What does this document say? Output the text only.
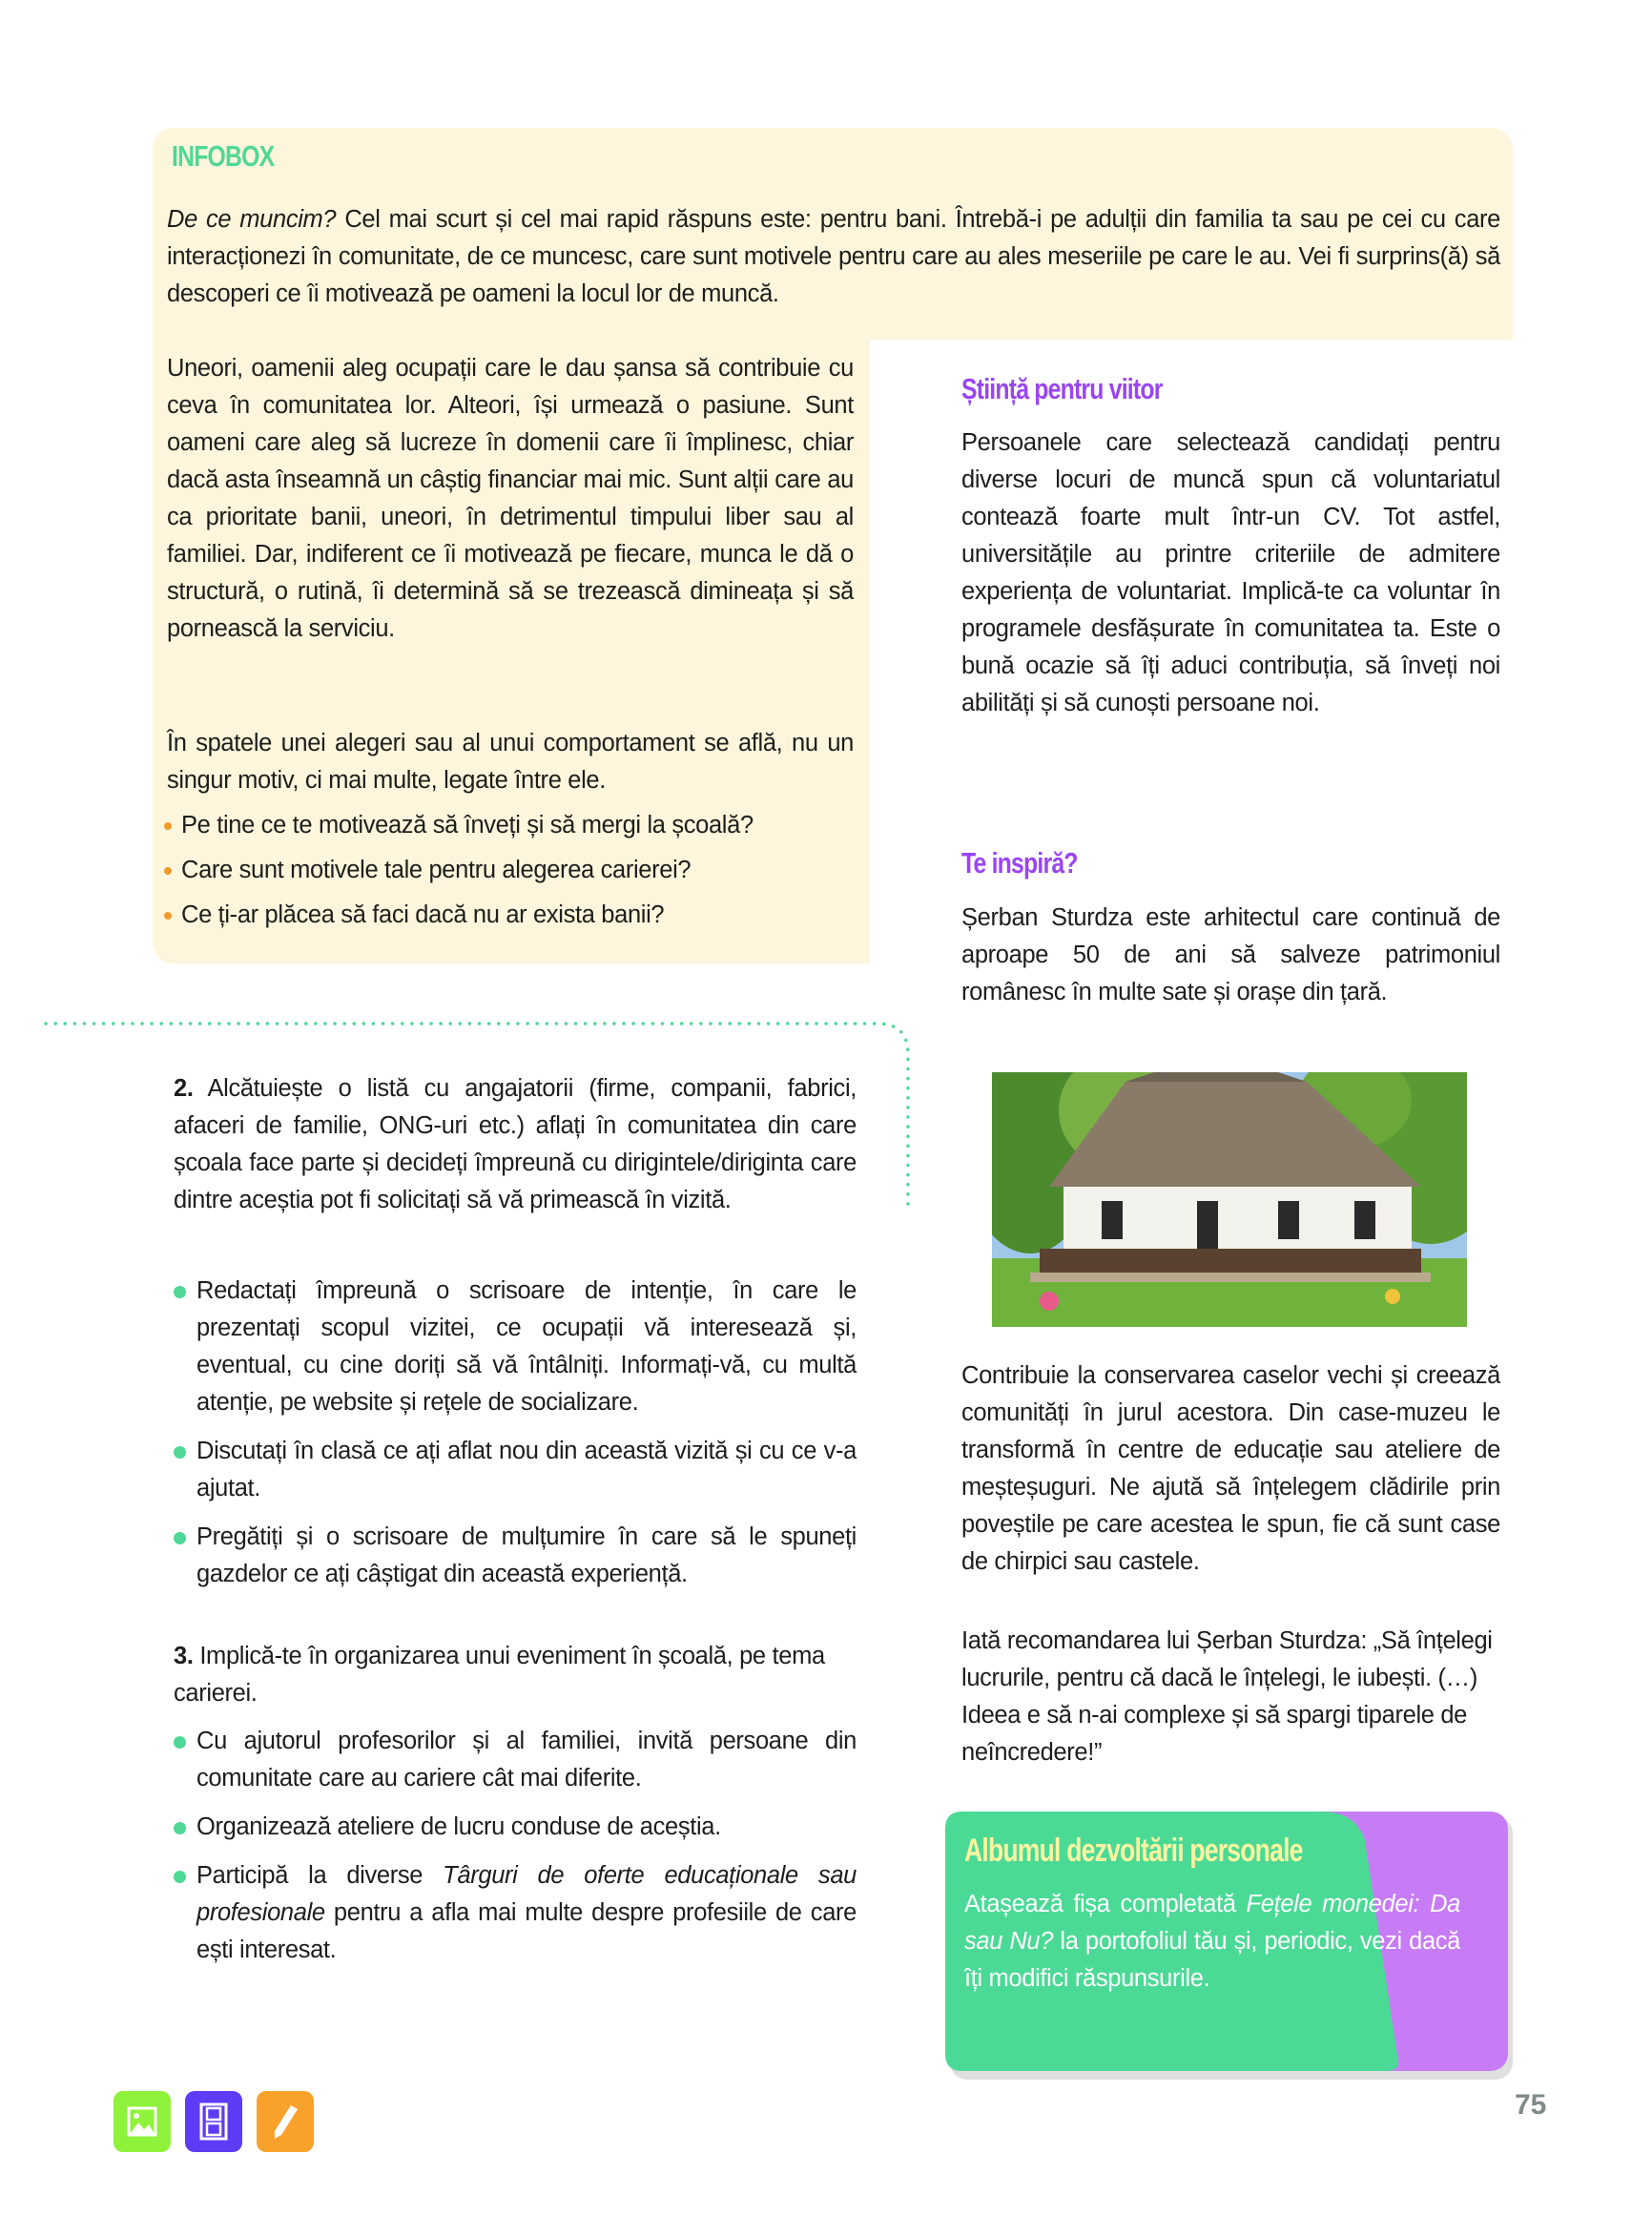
INFOBOX

De ce muncim? Cel mai scurt și cel mai rapid răspuns este: pentru bani. Întrebă-i pe adulții din familia ta sau pe cei cu care interacționezi în comunitate, de ce muncesc, care sunt motivele pentru care au ales meseriile pe care le au. Vei fi surprins(ă) să descoperi ce îi motivează pe oameni la locul lor de muncă.

Uneori, oamenii aleg ocupații care le dau șansa să contribuie cu ceva în comunitatea lor. Alteori, își urmează o pasiune. Sunt oameni care aleg să lucreze în domenii care îi împlinesc, chiar dacă asta înseamnă un câștig financiar mai mic. Sunt alții care au ca prioritate banii, uneori, în detrimentul timpului liber sau al familiei. Dar, indiferent ce îi motivează pe fiecare, munca le dă o structură, o rutină, îi determină să se trezească dimineața și să pornească la serviciu.

În spatele unei alegeri sau al unui comportament se află, nu un singur motiv, ci mai multe, legate între ele.

Pe tine ce te motivează să înveți și să mergi la școală?
Care sunt motivele tale pentru alegerea carierei?
Ce ți-ar plăcea să faci dacă nu ar exista banii?
Știință pentru viitor

Persoanele care selectează candidați pentru diverse locuri de muncă spun că voluntariatul contează foarte mult într-un CV. Tot astfel, universitățile au printre criteriile de admitere experiența de voluntariat. Implică-te ca voluntar în programele desfășurate în comunitatea ta. Este o bună ocazie să îți aduci contribuția, să înveți noi abilități și să cunoști persoane noi.

Te inspiră?

Șerban Sturdza este arhitectul care continuă de aproape 50 de ani să salveze patrimoniul românesc în multe sate și orașe din țară.

Contribuie la conservarea caselor vechi și creează comunități în jurul acestora. Din case-muzeu le transformă în centre de educație sau ateliere de meșteșuguri. Ne ajută să înțelegem clădirile prin poveștile pe care acestea le spun, fie că sunt case de chirpici sau castele.

Iată recomandarea lui Șerban Sturdza: „Să înțelegi lucrurile, pentru că dacă le înțelegi, le iubești. (…) Ideea e să n-ai complexe și să spargi tiparele de neîncredere!”

Albumul dezvoltării personale

Atașează fișa completată Fețele monedei: Da sau Nu? la portofoliul tău și, periodic, vezi dacă îți modifici răspunsurile.

2. Alcătuiește o listă cu angajatorii (firme, companii, fabrici, afaceri de familie, ONG-uri etc.) aflați în comunitatea din care școala face parte și decideți împreună cu dirigintele/diriginta care dintre aceștia pot fi solicitați să vă primească în vizită.

Redactați împreună o scrisoare de intenție, în care le prezentați scopul vizitei, ce ocupații vă interesează și, eventual, cu cine doriți să vă întâlniți. Informați-vă, cu multă atenție, pe website și rețele de socializare.
Discutați în clasă ce ați aflat nou din această vizită și cu ce v-a ajutat.
Pregătiți și o scrisoare de mulțumire în care să le spuneți gazdelor ce ați câștigat din această experiență.

3. Implică-te în organizarea unui eveniment în școală, pe tema carierei.

Cu ajutorul profesorilor și al familiei, invită persoane din comunitate care au cariere cât mai diferite.
Organizează ateliere de lucru conduse de aceștia.
Participă la diverse Târguri de oferte educaționale sau profesionale pentru a afla mai multe despre profesiile de care ești interesat.
75
